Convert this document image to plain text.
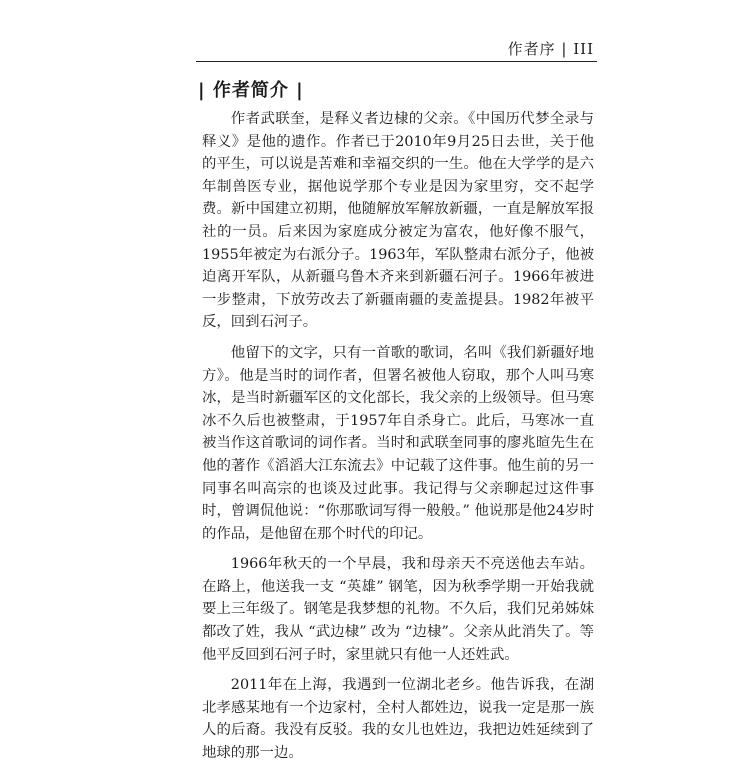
作者序 | III
| 作者简介 |

作者武联奎，是释义者边棣的父亲。《中国历代梦全录与释义》是他的遗作。作者已于2010年9月25日去世，关于他的平生，可以说是苦难和幸福交织的一生。他在大学学的是六年制兽医专业，据他说学那个专业是因为家里穷，交不起学费。新中国建立初期，他随解放军解放新疆，一直是解放军报社的一员。后来因为家庭成分被定为富农，他好像不服气，1955年被定为右派分子。1963年，军队整肃右派分子，他被迫离开军队，从新疆乌鲁木齐来到新疆石河子。1966年被进一步整肃，下放劳改去了新疆南疆的麦盖提县。1982年被平反，回到石河子。

他留下的文字，只有一首歌的歌词，名叫《我们新疆好地方》。他是当时的词作者，但署名被他人窃取，那个人叫马寒冰，是当时新疆军区的文化部长，我父亲的上级领导。但马寒冰不久后也被整肃，于1957年自杀身亡。此后，马寒冰一直被当作这首歌词的词作者。当时和武联奎同事的廖兆暄先生在他的著作《滔滔大江东流去》中记载了这件事。他生前的另一同事名叫高宗的也谈及过此事。我记得与父亲聊起过这件事时，曾调侃他说：“你那歌词写得一般般。” 他说那是他24岁时的作品，是他留在那个时代的印记。

1966年秋天的一个早晨，我和母亲天不亮送他去车站。在路上，他送我一支 “英雄” 钢笔，因为秋季学期一开始我就要上三年级了。钢笔是我梦想的礼物。不久后，我们兄弟姊妹都改了姓，我从 “武边棣” 改为 “边棣”。父亲从此消失了。等他平反回到石河子时，家里就只有他一人还姓武。

2011年在上海，我遇到一位湖北老乡。他告诉我，在湖北孝感某地有一个边家村，全村人都姓边，说我一定是那一族人的后裔。我没有反驳。我的女儿也姓边，我把边姓延续到了地球的那一边。
